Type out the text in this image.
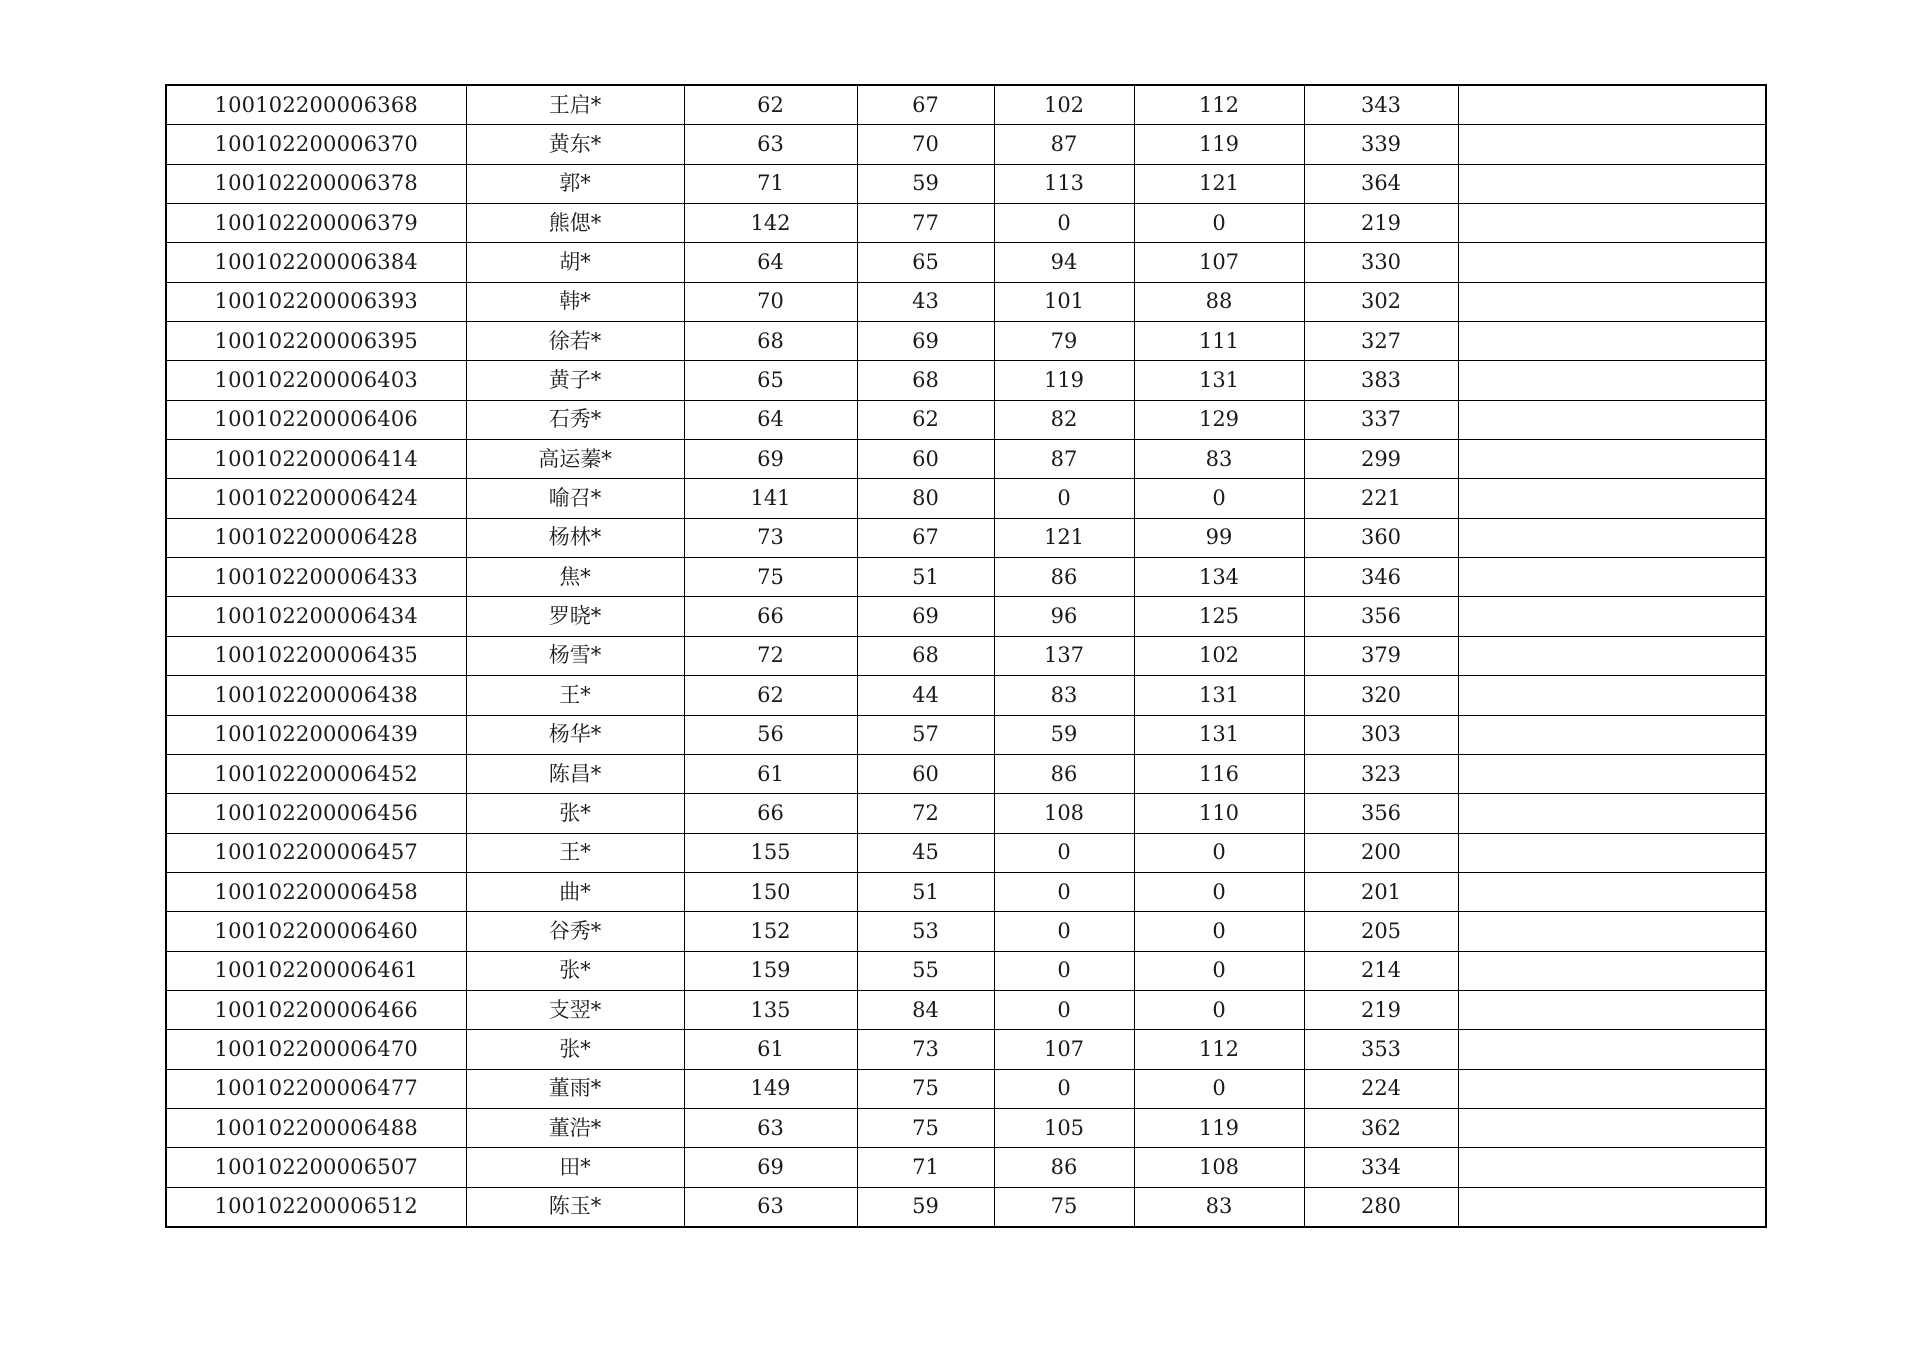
100102200006368	王启*	62	67	102	112	343	
100102200006370	黄东*	63	70	87	119	339	
100102200006378	郭*	71	59	113	121	364	
100102200006379	熊偲*	142	77	0	0	219	
100102200006384	胡*	64	65	94	107	330	
100102200006393	韩*	70	43	101	88	302	
100102200006395	徐若*	68	69	79	111	327	
100102200006403	黄子*	65	68	119	131	383	
100102200006406	石秀*	64	62	82	129	337	
100102200006414	高运蓁*	69	60	87	83	299	
100102200006424	喻召*	141	80	0	0	221	
100102200006428	杨林*	73	67	121	99	360	
100102200006433	焦*	75	51	86	134	346	
100102200006434	罗晓*	66	69	96	125	356	
100102200006435	杨雪*	72	68	137	102	379	
100102200006438	王*	62	44	83	131	320	
100102200006439	杨华*	56	57	59	131	303	
100102200006452	陈昌*	61	60	86	116	323	
100102200006456	张*	66	72	108	110	356	
100102200006457	王*	155	45	0	0	200	
100102200006458	曲*	150	51	0	0	201	
100102200006460	谷秀*	152	53	0	0	205	
100102200006461	张*	159	55	0	0	214	
100102200006466	支翌*	135	84	0	0	219	
100102200006470	张*	61	73	107	112	353	
100102200006477	董雨*	149	75	0	0	224	
100102200006488	董浩*	63	75	105	119	362	
100102200006507	田*	69	71	86	108	334	
100102200006512	陈玉*	63	59	75	83	280	
